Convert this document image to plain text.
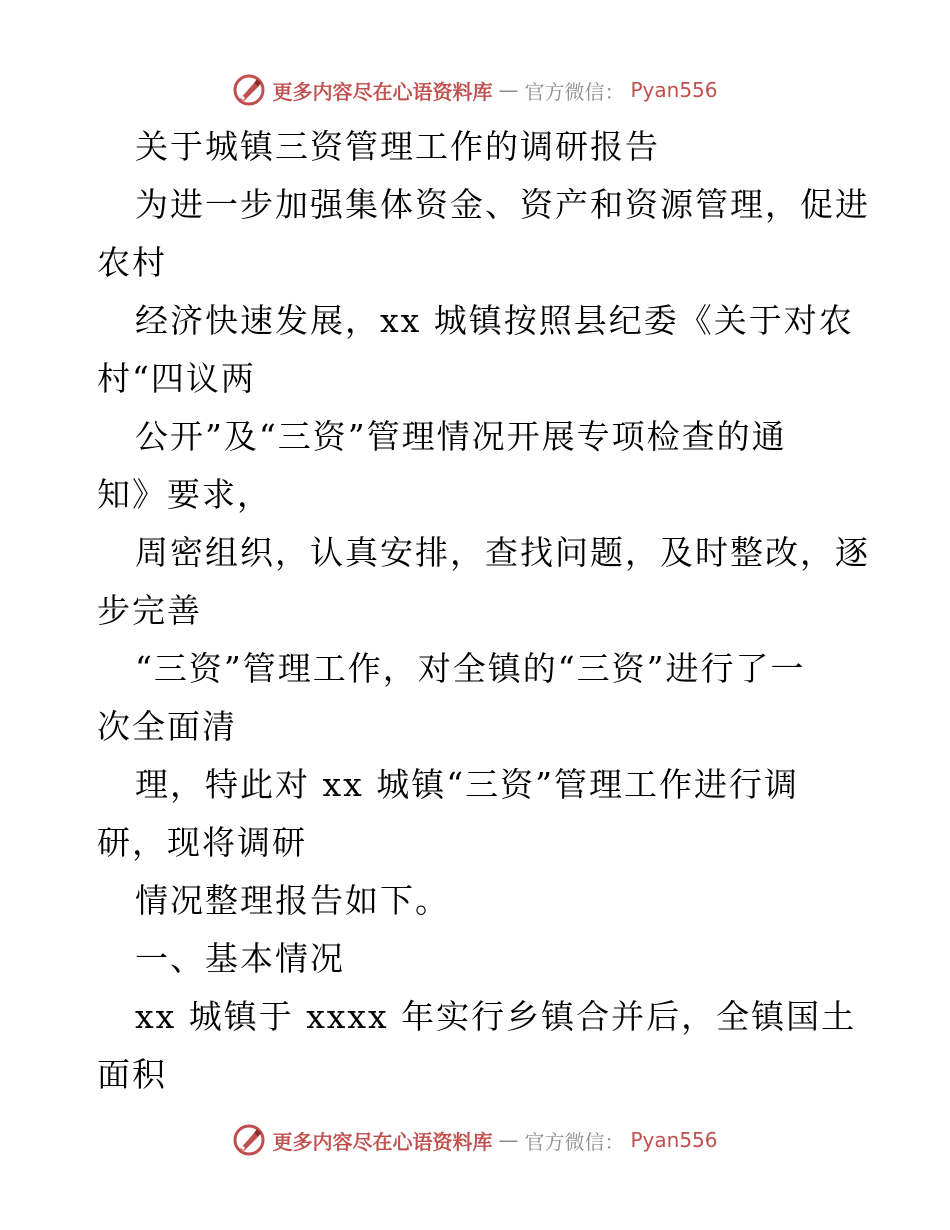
更多内容尽在心语资料库 — 官方微信： Pyan556
关于城镇三资管理工作的调研报告
为进一步加强集体资金、资产和资源管理，促进
农村
经济快速发展，xx 城镇按照县纪委《关于对农
村“四议两
公开”及“三资”管理情况开展专项检查的通
知》要求，
周密组织，认真安排，查找问题，及时整改，逐
步完善
“三资”管理工作，对全镇的“三资”进行了一
次全面清
理，特此对 xx 城镇“三资”管理工作进行调
研，现将调研
情况整理报告如下。
一、基本情况
xx 城镇于 xxxx 年实行乡镇合并后，全镇国土
面积
更多内容尽在心语资料库 — 官方微信： Pyan556
